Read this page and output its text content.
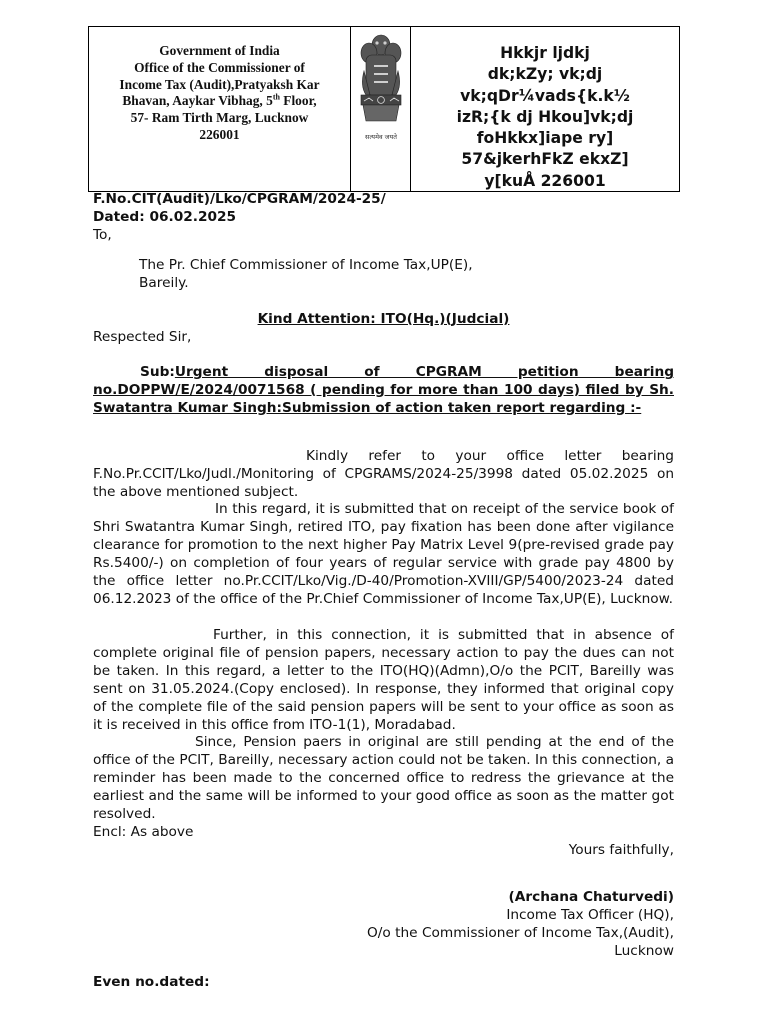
Government of India
Office of the Commissioner of
Income Tax (Audit),Pratyaksh Kar
Bhavan, Aaykar Vibhag, 5th Floor,
57- Ram Tirth Marg, Lucknow
226001	सत्यमेव जयते
Hkkjr ljdkj
dk;kZy; vk;dj
vk;qDr¼vads{k.k½
izR;{k dj Hkou]vk;dj
foHkkx]iape ry]
57&jkerhFkZ ekxZ]
y[kuÅ 226001
F.No.CIT(Audit)/Lko/CPGRAM/2024-25/
Dated: 06.02.2025
To,
The Pr. Chief Commissioner of Income Tax,UP(E),
Bareily.
Kind Attention: ITO(Hq.)(Judcial)
Respected Sir,
Sub:Urgent disposal of CPGRAM petition bearing no.DOPPW/E/2024/0071568 ( pending for more than 100 days) filed by Sh. Swatantra Kumar Singh:Submission of action taken report regarding :-
Kindly refer to your office letter bearing F.No.Pr.CCIT/Lko/Judl./Monitoring of CPGRAMS/2024-25/3998 dated 05.02.2025 on the above mentioned subject.
In this regard, it is submitted that on receipt of the service book of Shri Swatantra Kumar Singh, retired ITO, pay fixation has been done after vigilance clearance for promotion to the next higher Pay Matrix Level 9(pre-revised grade pay Rs.5400/-) on completion of four years of regular service with grade pay 4800 by the office letter no.Pr.CCIT/Lko/Vig./D-40/Promotion-XVIII/GP/5400/2023-24 dated 06.12.2023 of the office of the Pr.Chief Commissioner of Income Tax,UP(E), Lucknow.
Further, in this connection, it is submitted that in absence of complete original file of pension papers, necessary action to pay the dues can not be taken. In this regard, a letter to the ITO(HQ)(Admn),O/o the PCIT, Bareilly was sent on 31.05.2024.(Copy enclosed). In response, they informed that original copy of the complete file of the said pension papers will be sent to your office as soon as it is received in this office from ITO-1(1), Moradabad.
Since, Pension paers in original are still pending at the end of the office of the PCIT, Bareilly, necessary action could not be taken. In this connection, a reminder has been made to the concerned office to redress the grievance at the earliest and the same will be informed to your good office as soon as the matter got resolved.
Encl: As above
Yours faithfully,
(Archana Chaturvedi)
Income Tax Officer (HQ),
O/o the Commissioner of Income Tax,(Audit),
Lucknow
Even no.dated:
